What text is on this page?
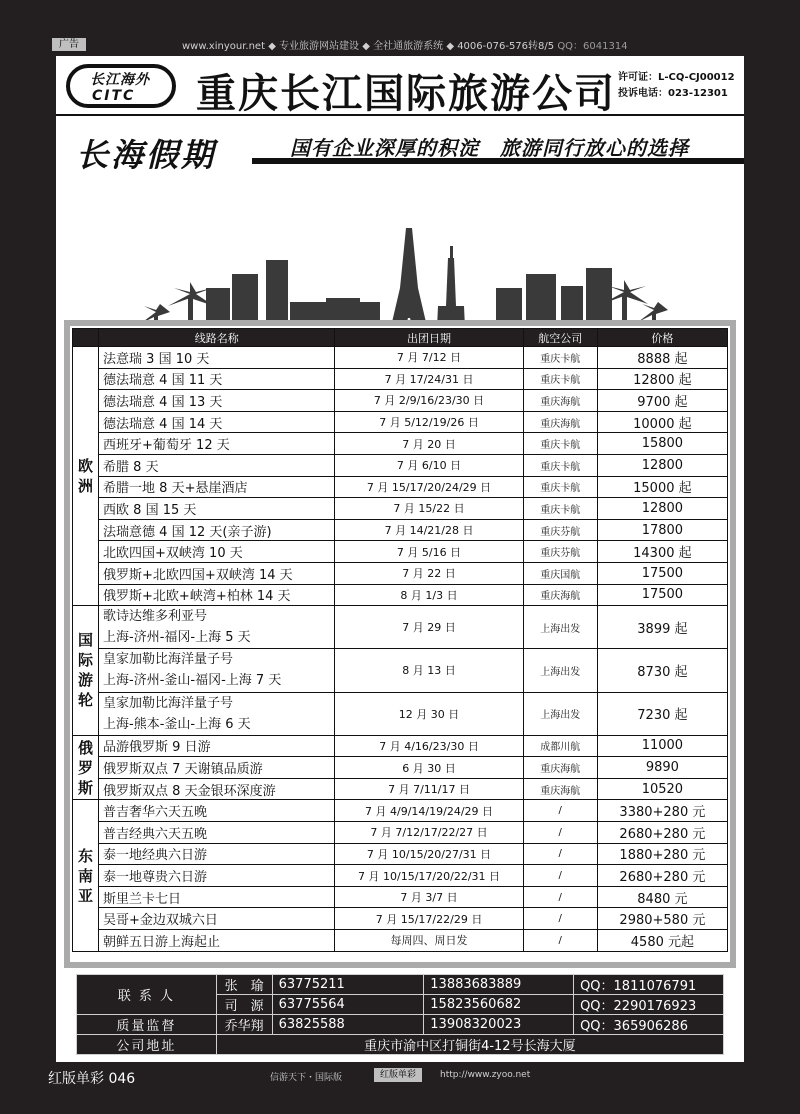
广告	www.xinyour.net ◆ 专业旅游网站建设 ◆ 全社通旅游系统 ◆ 4006-076-576转8/5 QQ：6041314
长江海外
CITC 重庆长江国际旅游公司 许可证：L-CQ-CJ00012
投诉电话：023-12301
长海假期	国有企业深厚的积淀　旅游同行放心的选择
	线路名称	出团日期	航空公司	价格
欧洲	法意瑞 3 国 10 天	7 月 7/12 日	重庆卡航	8888 起
	德法瑞意 4 国 11 天	7 月 17/24/31 日	重庆卡航	12800 起
	德法瑞意 4 国 13 天	7 月 2/9/16/23/30 日	重庆海航	9700 起
	德法瑞意 4 国 14 天	7 月 5/12/19/26 日	重庆海航	10000 起
	西班牙+葡萄牙 12 天	7 月 20 日	重庆卡航	15800
	希腊 8 天	7 月 6/10 日	重庆卡航	12800
	希腊一地 8 天+悬崖酒店	7 月 15/17/20/24/29 日	重庆卡航	15000 起
	西欧 8 国 15 天	7 月 15/22 日	重庆卡航	12800
	法瑞意德 4 国 12 天(亲子游)	7 月 14/21/28 日	重庆芬航	17800
	北欧四国+双峡湾 10 天	7 月 5/16 日	重庆芬航	14300 起
	俄罗斯+北欧四国+双峡湾 14 天	7 月 22 日	重庆国航	17500
	俄罗斯+北欧+峡湾+柏林 14 天	8 月 1/3 日	重庆海航	17500
国际游轮	歌诗达维多利亚号
上海-济州-福冈-上海 5 天	7 月 29 日	上海出发	3899 起

	皇家加勒比海洋量子号
上海-济州-釜山-福冈-上海 7 天	8 月 13 日	上海出发	8730 起

	皇家加勒比海洋量子号
上海-熊本-釜山-上海 6 天	12 月 30 日	上海出发	7230 起
俄罗斯	品游俄罗斯 9 日游	7 月 4/16/23/30 日	成都川航	11000
	俄罗斯双点 7 天谢镇品质游	6 月 30 日	重庆海航	9890
	俄罗斯双点 8 天金银环深度游	7 月 7/11/17 日	重庆海航	10520
东南亚	普吉奢华六天五晚	7 月 4/9/14/19/24/29 日	/	3380+280 元
	普吉经典六天五晚	7 月 7/12/17/22/27 日	/	2680+280 元
	泰一地经典六日游	7 月 10/15/20/27/31 日	/	1880+280 元
	泰一地尊贵六日游	7 月 10/15/17/20/22/31 日	/	2680+280 元
	斯里兰卡七日	7 月 3/7 日	/	8480 元
	吴哥+金边双城六日	7 月 15/17/22/29 日	/	2980+580 元
	朝鲜五日游上海起止	每周四、周日发	/	4580 元起
联 系 人	张　瑜	63775211	13883683889	QQ：1811076791
	司　源	63775564	15823560682	QQ：2290176923
质量监督	乔华翔	63825588	13908320023	QQ：365906286
公司地址	重庆市渝中区打铜街4-12号长海大厦			
红版单彩 046	信游天下・国际版	红版单彩	http://www.zyoo.net
